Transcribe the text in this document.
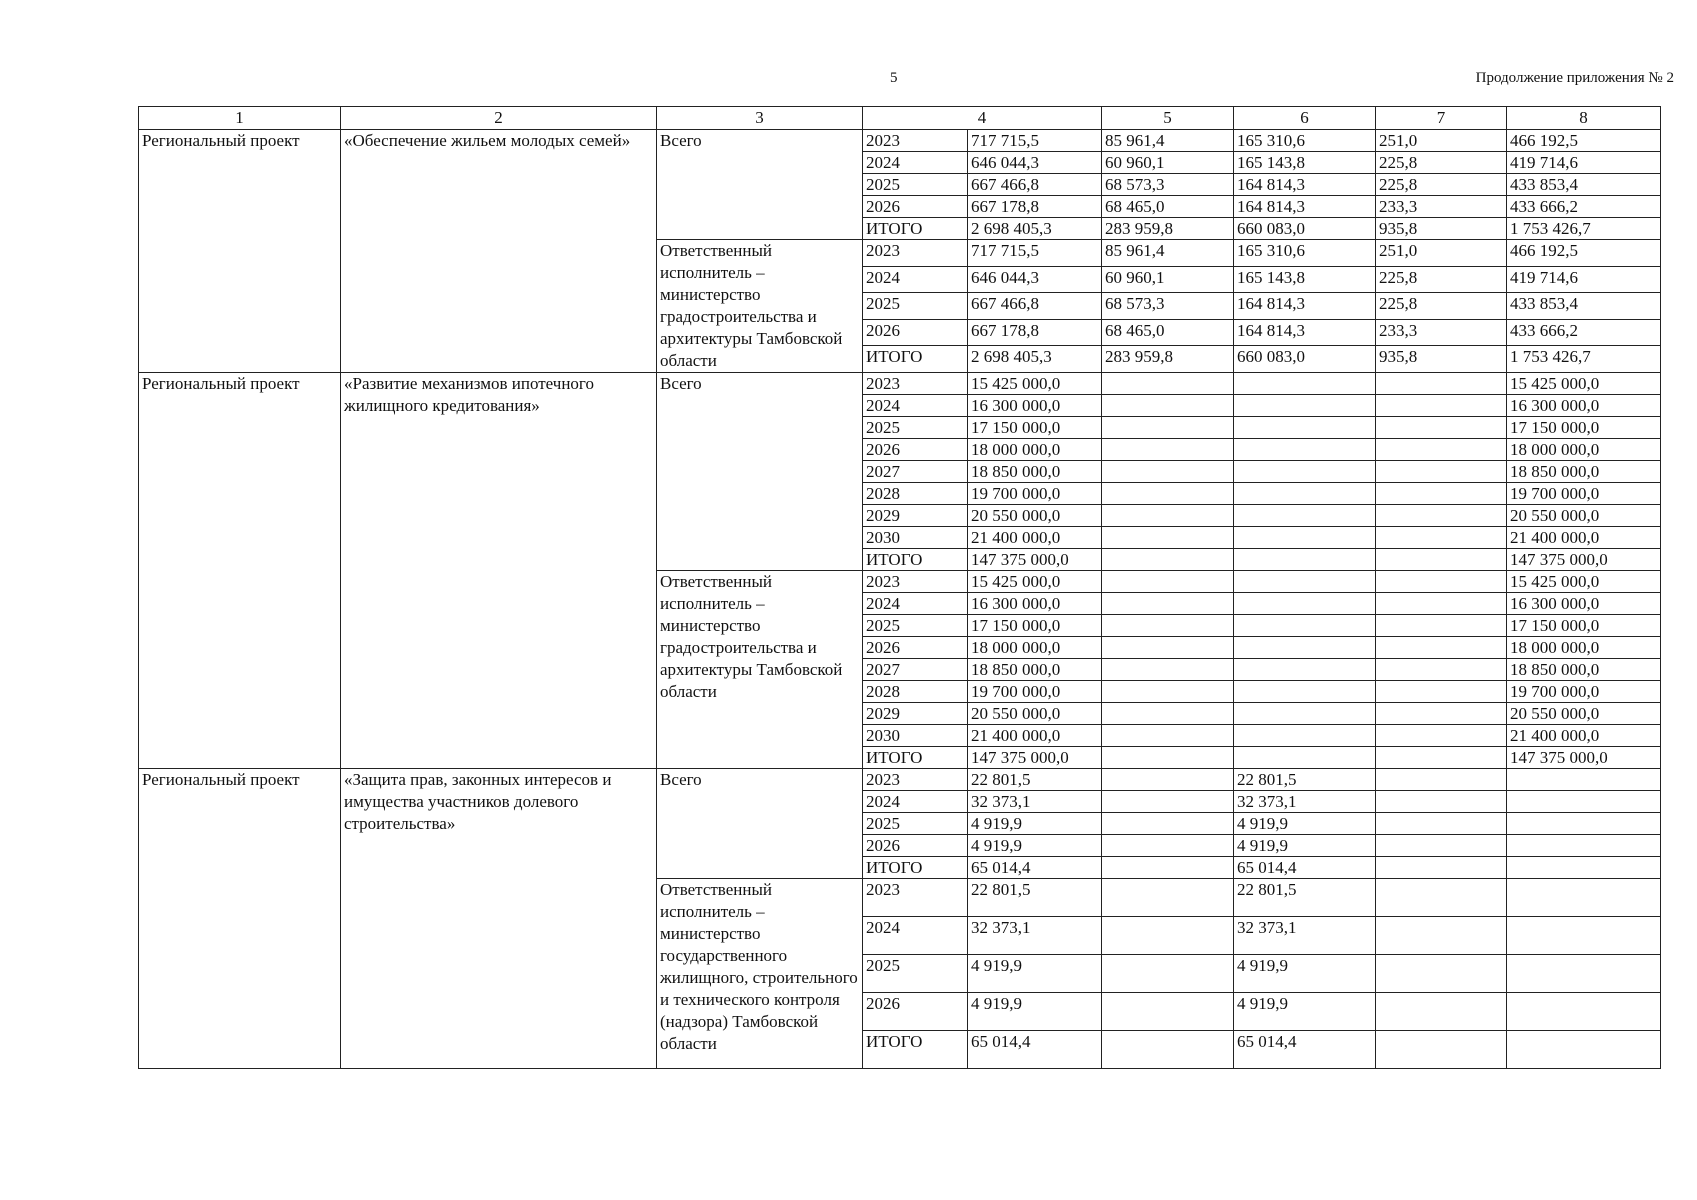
5	Продолжение приложения № 2
1	2	3	4		5	6	7	8
Региональный проект	«Обеспечение жильем молодых семей»	Всего	2023	717 715,5	85 961,4	165 310,6	251,0	466 192,5
			2024	646 044,3	60 960,1	165 143,8	225,8	419 714,6
			2025	667 466,8	68 573,3	164 814,3	225,8	433 853,4
			2026	667 178,8	68 465,0	164 814,3	233,3	433 666,2
			ИТОГО	2 698 405,3	283 959,8	660 083,0	935,8	1 753 426,7
		Ответственный исполнитель – министерство градостроительства и архитектуры Тамбовской области	2023	717 715,5	85 961,4	165 310,6	251,0	466 192,5
			2024	646 044,3	60 960,1	165 143,8	225,8	419 714,6
			2025	667 466,8	68 573,3	164 814,3	225,8	433 853,4
			2026	667 178,8	68 465,0	164 814,3	233,3	433 666,2
			ИТОГО	2 698 405,3	283 959,8	660 083,0	935,8	1 753 426,7
Региональный проект	«Развитие механизмов ипотечного жилищного кредитования»	Всего	2023	15 425 000,0				15 425 000,0
			2024	16 300 000,0				16 300 000,0
			2025	17 150 000,0				17 150 000,0
			2026	18 000 000,0				18 000 000,0
			2027	18 850 000,0				18 850 000,0
			2028	19 700 000,0				19 700 000,0
			2029	20 550 000,0				20 550 000,0
			2030	21 400 000,0				21 400 000,0
			ИТОГО	147 375 000,0				147 375 000,0
		Ответственный исполнитель – министерство градостроительства и архитектуры Тамбовской области	2023	15 425 000,0				15 425 000,0
			2024	16 300 000,0				16 300 000,0
			2025	17 150 000,0				17 150 000,0
			2026	18 000 000,0				18 000 000,0
			2027	18 850 000,0				18 850 000,0
			2028	19 700 000,0				19 700 000,0
			2029	20 550 000,0				20 550 000,0
			2030	21 400 000,0				21 400 000,0
			ИТОГО	147 375 000,0				147 375 000,0
Региональный проект	«Защита прав, законных интересов и имущества участников долевого строительства»	Всего	2023	22 801,5		22 801,5		
			2024	32 373,1		32 373,1		
			2025	4 919,9		4 919,9		
			2026	4 919,9		4 919,9		
			ИТОГО	65 014,4		65 014,4		
		Ответственный исполнитель – министерство государственного жилищного, строительного и технического контроля (надзора) Тамбовской области	2023	22 801,5		22 801,5		
			2024	32 373,1		32 373,1		
			2025	4 919,9		4 919,9		
			2026	4 919,9		4 919,9		
			ИТОГО	65 014,4		65 014,4		
